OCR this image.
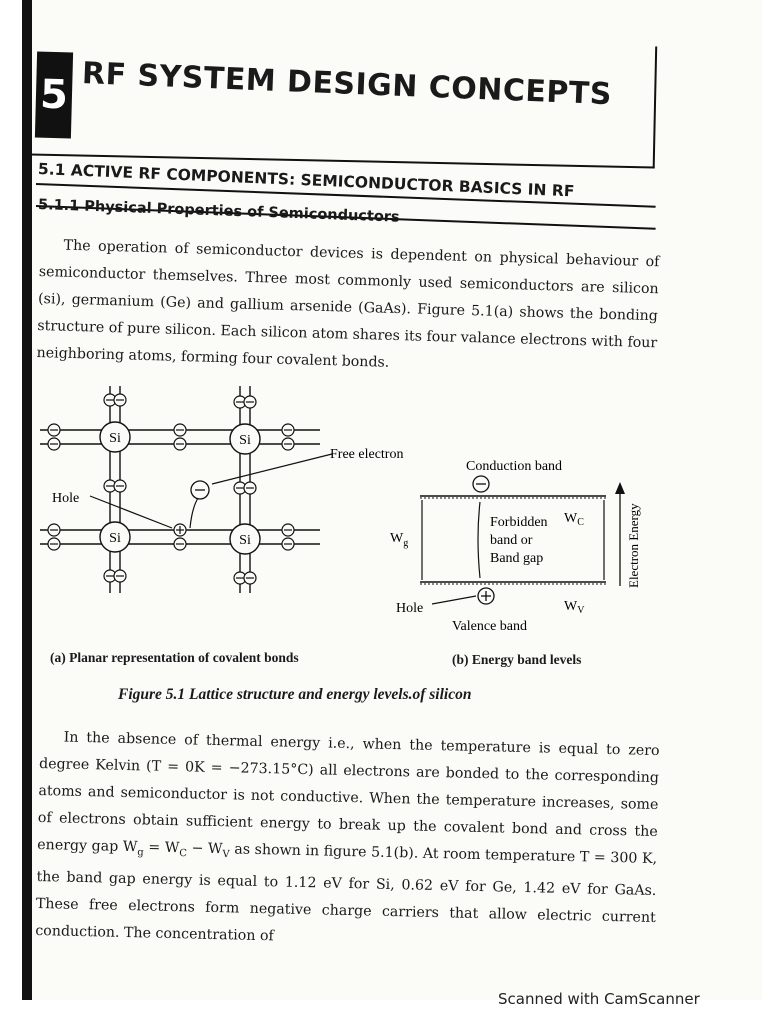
5 RF SYSTEM DESIGN CONCEPTS
5.1 ACTIVE RF COMPONENTS: SEMICONDUCTOR BASICS IN RF
5.1.1 Physical Properties of Semiconductors
The operation of semiconductor devices is dependent on physical behaviour of semiconductor themselves. Three most commonly used semiconductors are silicon (si), germanium (Ge) and gallium arsenide (GaAs). Figure 5.1(a) shows the bonding structure of pure silicon. Each silicon atom shares its four valance electrons with four neighboring atoms, forming four covalent bonds.
Si	Si
Si	Si
Free electron
Hole
Conduction band
Forbidden
band or
Band gap
$W_C$
$W_g$
$W_V$
Hole
Valence band
Electron Energy
(a) Planar representation of covalent bonds	(b) Energy band levels
Figure 5.1 Lattice structure and energy levels.of silicon
In the absence of thermal energy i.e., when the temperature is equal to zero degree Kelvin (T = 0K = −273.15°C) all electrons are bonded to the corresponding atoms and semiconductor is not conductive. When the temperature increases, some of electrons obtain sufficient energy to break up the covalent bond and cross the energy gap $W_g = W_C - W_V$ as shown in figure 5.1(b). At room temperature T = 300 K, the band gap energy is equal to 1.12 eV for Si, 0.62 eV for Ge, 1.42 eV for GaAs. These free electrons form negative charge carriers that allow electric current conduction. The concentration of
Scanned with CamScanner
